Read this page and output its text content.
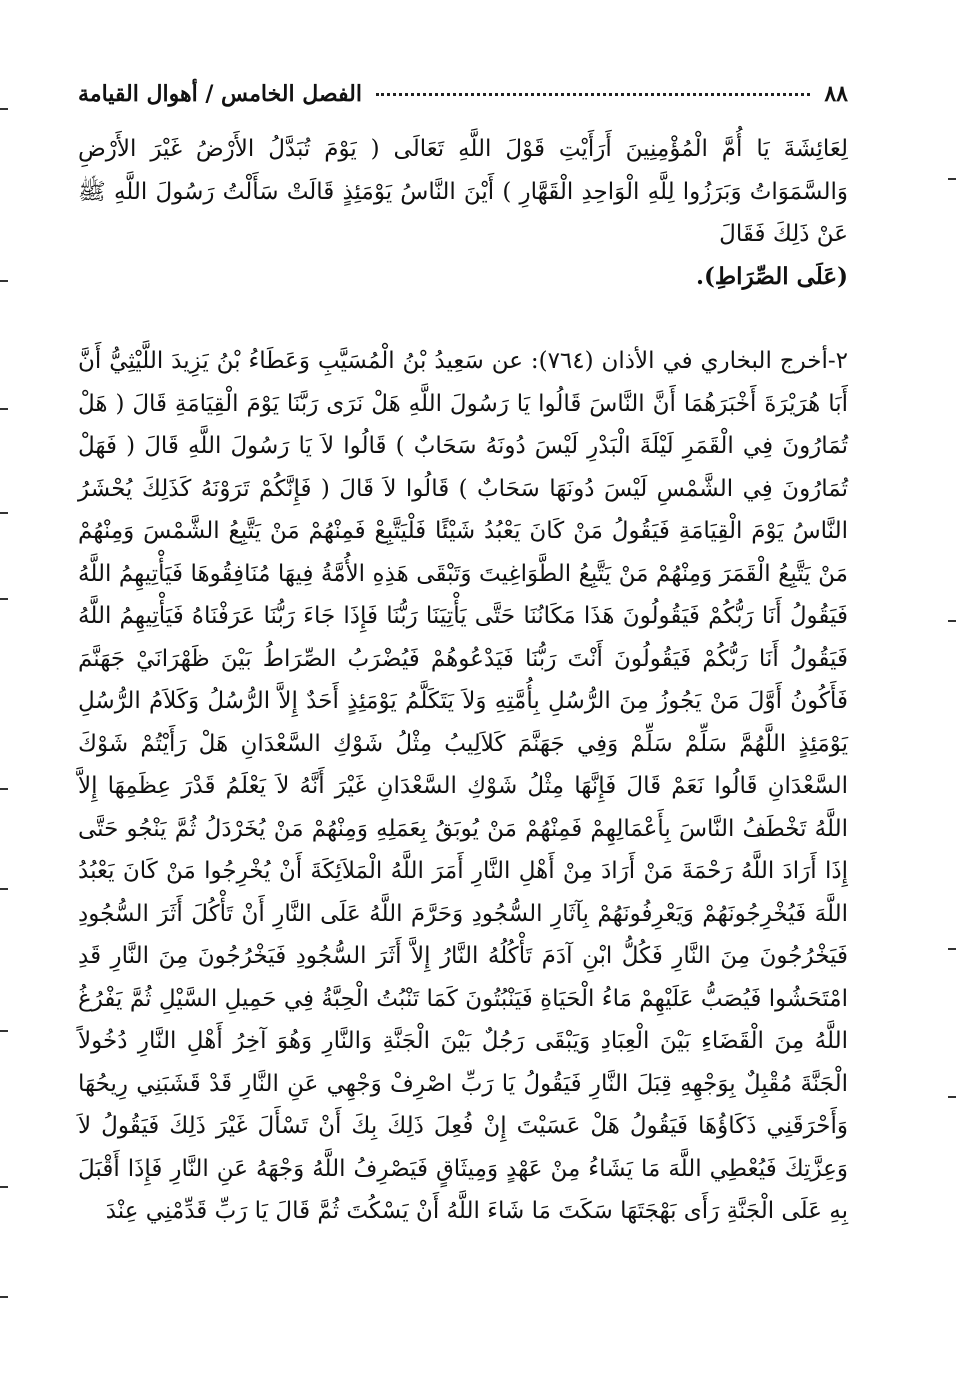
٨٨
الفصل الخامس / أهوال القيامة

لِعَائِشَةَ يَا أُمَّ الْمُؤْمِنِينَ أَرَأَيْتِ قَوْلَ اللَّهِ تَعَالَى ( يَوْمَ تُبَدَّلُ الأَرْضُ غَيْرَ الأَرْضِ وَالسَّمَوَاتُ وَبَرَزُوا لِلَّهِ الْوَاحِدِ الْقَهَّارِ ) أَيْنَ النَّاسُ يَوْمَئِذٍ قَالَتْ سَأَلْتُ رَسُولَ اللَّهِ ﷺ عَنْ ذَلِكَ فَقَالَ
(عَلَى الصِّرَاطِ).

٢-أخرج البخاري في الأذان (٧٦٤): عن سَعِيدُ بْنُ الْمُسَيَّبِ وَعَطَاءُ بْنُ يَزِيدَ اللَّيْثِيُّ أَنَّ أَبَا هُرَيْرَةَ أَخْبَرَهُمَا أَنَّ النَّاسَ قَالُوا يَا رَسُولَ اللَّهِ هَلْ نَرَى رَبَّنَا يَوْمَ الْقِيَامَةِ قَالَ ( هَلْ تُمَارُونَ فِي الْقَمَرِ لَيْلَةَ الْبَدْرِ لَيْسَ دُونَهُ سَحَابٌ ) قَالُوا لاَ يَا رَسُولَ اللَّهِ قَالَ ( فَهَلْ تُمَارُونَ فِي الشَّمْسِ لَيْسَ دُونَهَا سَحَابٌ ) قَالُوا لاَ قَالَ ( فَإِنَّكُمْ تَرَوْنَهُ كَذَلِكَ يُحْشَرُ النَّاسُ يَوْمَ الْقِيَامَةِ فَيَقُولُ مَنْ كَانَ يَعْبُدُ شَيْئًا فَلْيَتَّبِعْ فَمِنْهُمْ مَنْ يَتَّبِعُ الشَّمْسَ وَمِنْهُمْ مَنْ يَتَّبِعُ الْقَمَرَ وَمِنْهُمْ مَنْ يَتَّبِعُ الطَّوَاغِيتَ وَتَبْقَى هَذِهِ الأُمَّةُ فِيهَا مُنَافِقُوهَا فَيَأْتِيهِمُ اللَّهُ فَيَقُولُ أَنَا رَبُّكُمْ فَيَقُولُونَ هَذَا مَكَانُنَا حَتَّى يَأْتِيَنَا رَبُّنَا فَإِذَا جَاءَ رَبُّنَا عَرَفْنَاهُ فَيَأْتِيهِمُ اللَّهُ فَيَقُولُ أَنَا رَبُّكُمْ فَيَقُولُونَ أَنْتَ رَبُّنَا فَيَدْعُوهُمْ فَيُضْرَبُ الصِّرَاطُ بَيْنَ ظَهْرَانَيْ جَهَنَّمَ فَأَكُونُ أَوَّلَ مَنْ يَجُوزُ مِنَ الرُّسُلِ بِأُمَّتِهِ وَلاَ يَتَكَلَّمُ يَوْمَئِذٍ أَحَدٌ إِلاَّ الرُّسُلُ وَكَلاَمُ الرُّسُلِ يَوْمَئِذٍ اللَّهُمَّ سَلِّمْ سَلِّمْ وَفِي جَهَنَّمَ كَلاَلِيبُ مِثْلُ شَوْكِ السَّعْدَانِ هَلْ رَأَيْتُمْ شَوْكَ السَّعْدَانِ قَالُوا نَعَمْ قَالَ فَإِنَّهَا مِثْلُ شَوْكِ السَّعْدَانِ غَيْرَ أَنَّهُ لاَ يَعْلَمُ قَدْرَ عِظَمِهَا إِلاَّ اللَّهُ تَخْطَفُ النَّاسَ بِأَعْمَالِهِمْ فَمِنْهُمْ مَنْ يُوبَقُ بِعَمَلِهِ وَمِنْهُمْ مَنْ يُخَرْدَلُ ثُمَّ يَنْجُو حَتَّى إِذَا أَرَادَ اللَّهُ رَحْمَةَ مَنْ أَرَادَ مِنْ أَهْلِ النَّارِ أَمَرَ اللَّهُ الْمَلاَئِكَةَ أَنْ يُخْرِجُوا مَنْ كَانَ يَعْبُدُ اللَّهَ فَيُخْرِجُونَهُمْ وَيَعْرِفُونَهُمْ بِآثَارِ السُّجُودِ وَحَرَّمَ اللَّهُ عَلَى النَّارِ أَنْ تَأْكُلَ أَثَرَ السُّجُودِ فَيَخْرُجُونَ مِنَ النَّارِ فَكُلُّ ابْنِ آدَمَ تَأْكُلُهُ النَّارُ إِلاَّ أَثَرَ السُّجُودِ فَيَخْرُجُونَ مِنَ النَّارِ قَدِ امْتَحَشُوا فَيُصَبُّ عَلَيْهِمْ مَاءُ الْحَيَاةِ فَيَنْبُتُونَ كَمَا تَنْبُتُ الْحِبَّةُ فِي حَمِيلِ السَّيْلِ ثُمَّ يَفْرُغُ اللَّهُ مِنَ الْقَضَاءِ بَيْنَ الْعِبَادِ وَيَبْقَى رَجُلٌ بَيْنَ الْجَنَّةِ وَالنَّارِ وَهُوَ آخِرُ أَهْلِ النَّارِ دُخُولاً الْجَنَّةَ مُقْبِلٌ بِوَجْهِهِ قِبَلَ النَّارِ فَيَقُولُ يَا رَبِّ اصْرِفْ وَجْهِي عَنِ النَّارِ قَدْ قَشَبَنِي رِيحُهَا وَأَحْرَقَنِي ذَكَاؤُهَا فَيَقُولُ هَلْ عَسَيْتَ إِنْ فُعِلَ ذَلِكَ بِكَ أَنْ تَسْأَلَ غَيْرَ ذَلِكَ فَيَقُولُ لاَ وَعِزَّتِكَ فَيُعْطِي اللَّهَ مَا يَشَاءُ مِنْ عَهْدٍ وَمِيثَاقٍ فَيَصْرِفُ اللَّهُ وَجْهَهُ عَنِ النَّارِ فَإِذَا أَقْبَلَ بِهِ عَلَى الْجَنَّةِ رَأَى بَهْجَتَهَا سَكَتَ مَا شَاءَ اللَّهُ أَنْ يَسْكُتَ ثُمَّ قَالَ يَا رَبِّ قَدِّمْنِي عِنْدَ
